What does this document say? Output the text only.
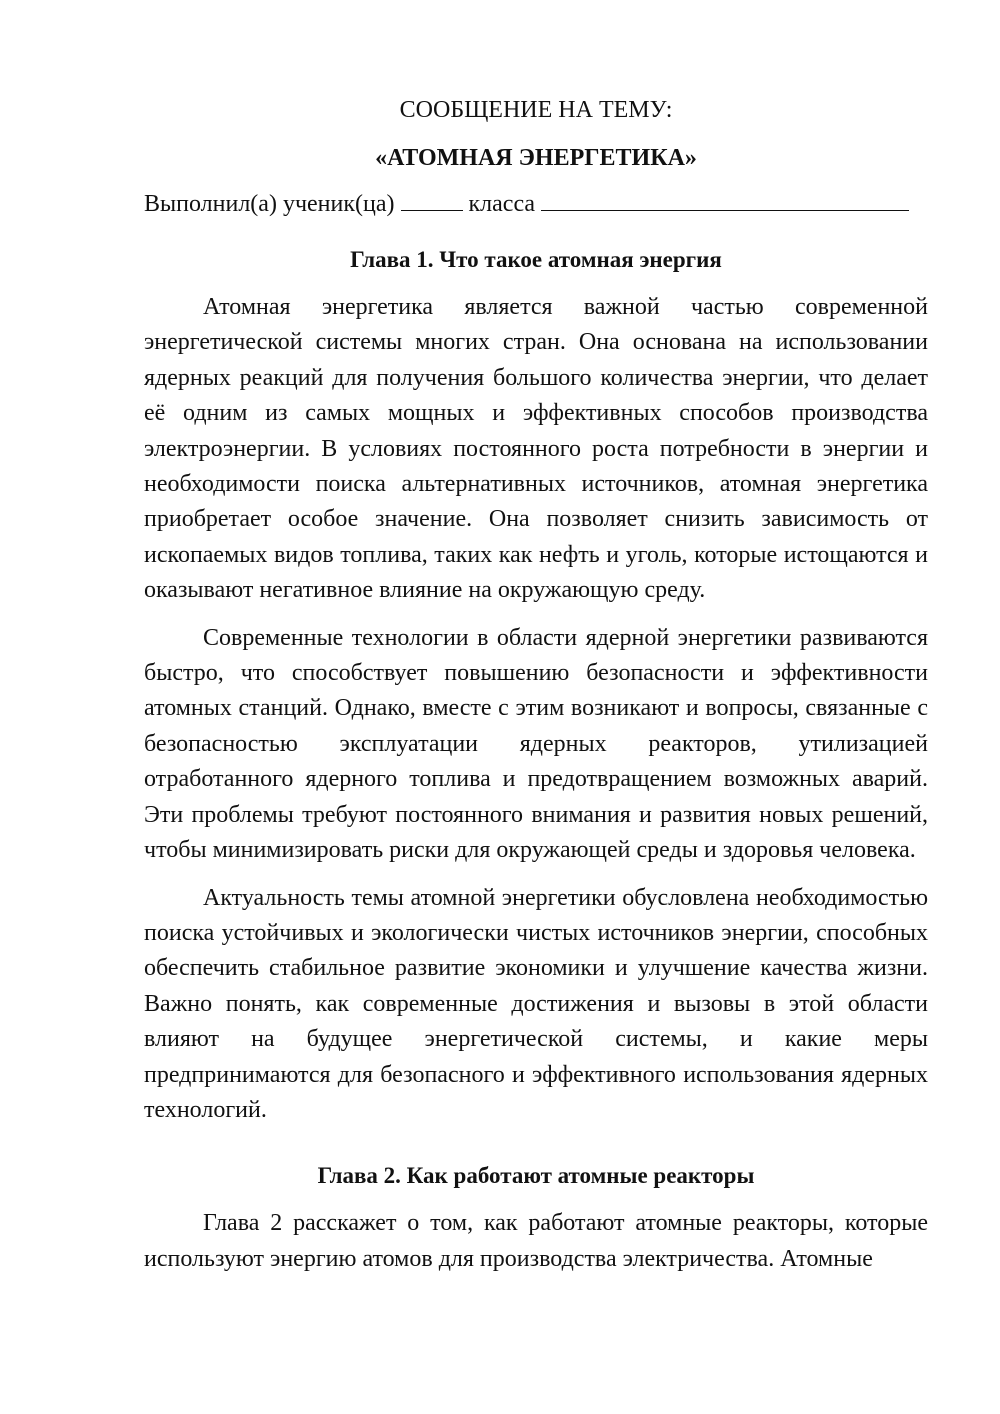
СООБЩЕНИЕ НА ТЕМУ:

«АТОМНАЯ ЭНЕРГЕТИКА»

Выполнил(а) ученик(ца)	класса

Глава 1. Что такое атомная энергия

Атомная энергетика является важной частью современной энергетической системы многих стран. Она основана на использовании ядерных реакций для получения большого количества энергии, что делает её одним из самых мощных и эффективных способов производства электроэнергии. В условиях постоянного роста потребности в энергии и необходимости поиска альтернативных источников, атомная энергетика приобретает особое значение. Она позволяет снизить зависимость от ископаемых видов топлива, таких как нефть и уголь, которые истощаются и оказывают негативное влияние на окружающую среду.

Современные технологии в области ядерной энергетики развиваются быстро, что способствует повышению безопасности и эффективности атомных станций. Однако, вместе с этим возникают и вопросы, связанные с безопасностью эксплуатации ядерных реакторов, утилизацией отработанного ядерного топлива и предотвращением возможных аварий. Эти проблемы требуют постоянного внимания и развития новых решений, чтобы минимизировать риски для окружающей среды и здоровья человека.

Актуальность темы атомной энергетики обусловлена необходимостью поиска устойчивых и экологически чистых источников энергии, способных обеспечить стабильное развитие экономики и улучшение качества жизни. Важно понять, как современные достижения и вызовы в этой области влияют на будущее энергетической системы, и какие меры предпринимаются для безопасного и эффективного использования ядерных технологий.

Глава 2. Как работают атомные реакторы

Глава 2 расскажет о том, как работают атомные реакторы, которые используют энергию атомов для производства электричества. Атомные
